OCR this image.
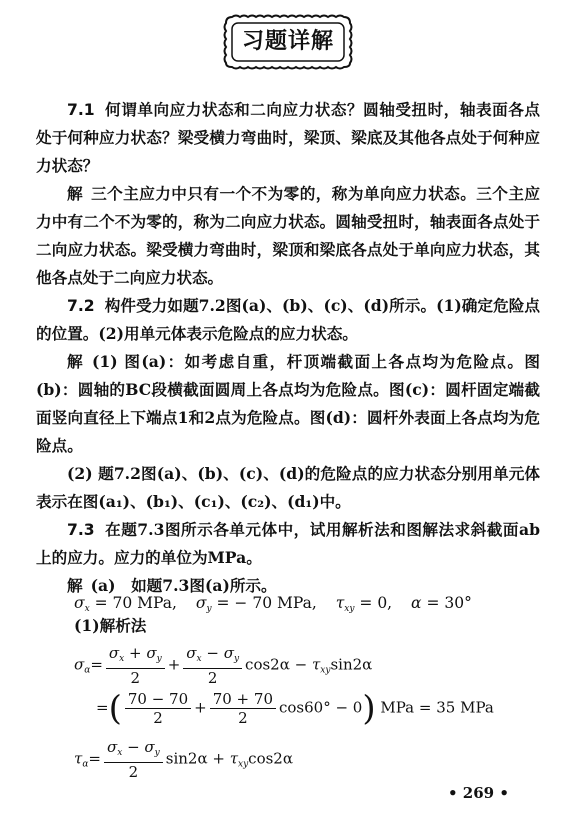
习题详解
7.1 何谓单向应力状态和二向应力状态？圆轴受扭时，轴表面各点处于何种应力状态？梁受横力弯曲时，梁顶、梁底及其他各点处于何种应力状态？
解 三个主应力中只有一个不为零的，称为单向应力状态。三个主应力中有二个不为零的，称为二向应力状态。圆轴受扭时，轴表面各点处于二向应力状态。梁受横力弯曲时，梁顶和梁底各点处于单向应力状态，其他各点处于二向应力状态。
7.2 构件受力如题7.2图(a)、(b)、(c)、(d)所示。(1)确定危险点的位置。(2)用单元体表示危险点的应力状态。
解 (1) 图(a)：如考虑自重，杆顶端截面上各点均为危险点。图(b)：圆轴的BC段横截面圆周上各点均为危险点。图(c)：圆杆固定端截面竖向直径上下端点1和2点为危险点。图(d)：圆杆外表面上各点均为危险点。
(2) 题7.2图(a)、(b)、(c)、(d)的危险点的应力状态分别用单元体表示在图(a₁)、(b₁)、(c₁)、(c₂)、(d₁)中。
7.3 在题7.3图所示各单元体中，试用解析法和图解法求斜截面ab上的应力。应力的单位为MPa。
解 (a)　如题7.3图(a)所示。
$\sigma_x = 70$ MPa, $\sigma_y$ = − 70 MPa, $\tau_{xy} = 0$, α = 30°
(1)解析法
$\sigma_\alpha= \frac{\sigma_x + \sigma_y}{2} + \frac{\sigma_x - \sigma_y}{2} \cos 2\alpha - \tau_{xy}\sin 2\alpha$
=( $\frac{70 - 70}{2} + \frac{70 + 70}{2} \cos 60^\circ - 0$) MPa = 35 MPa
$\tau_\alpha= \frac{\sigma_x - \sigma_y}{2} \sin 2\alpha + \tau_{xy}\cos 2\alpha$
• 269 •
